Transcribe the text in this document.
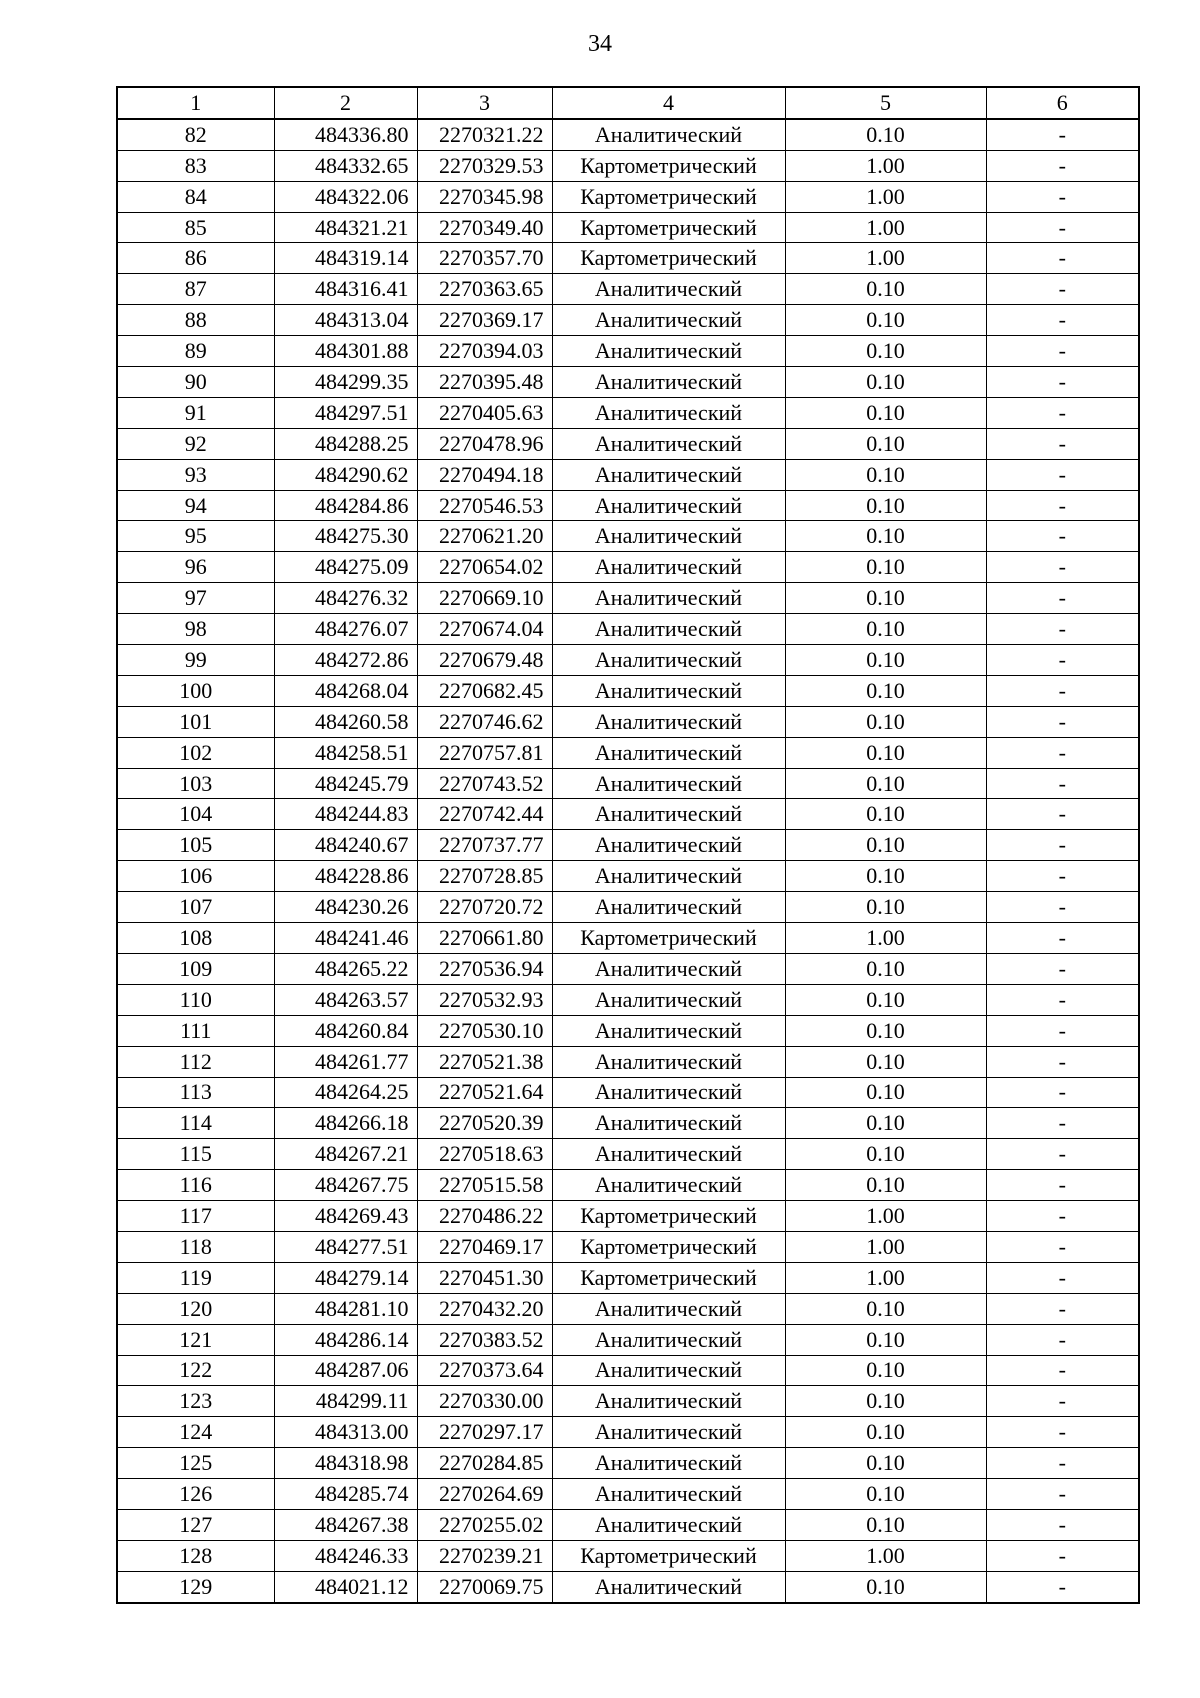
34
1	2	3	4	5	6
82	484336.80	2270321.22	Аналитический	0.10	-
83	484332.65	2270329.53	Картометрический	1.00	-
84	484322.06	2270345.98	Картометрический	1.00	-
85	484321.21	2270349.40	Картометрический	1.00	-
86	484319.14	2270357.70	Картометрический	1.00	-
87	484316.41	2270363.65	Аналитический	0.10	-
88	484313.04	2270369.17	Аналитический	0.10	-
89	484301.88	2270394.03	Аналитический	0.10	-
90	484299.35	2270395.48	Аналитический	0.10	-
91	484297.51	2270405.63	Аналитический	0.10	-
92	484288.25	2270478.96	Аналитический	0.10	-
93	484290.62	2270494.18	Аналитический	0.10	-
94	484284.86	2270546.53	Аналитический	0.10	-
95	484275.30	2270621.20	Аналитический	0.10	-
96	484275.09	2270654.02	Аналитический	0.10	-
97	484276.32	2270669.10	Аналитический	0.10	-
98	484276.07	2270674.04	Аналитический	0.10	-
99	484272.86	2270679.48	Аналитический	0.10	-
100	484268.04	2270682.45	Аналитический	0.10	-
101	484260.58	2270746.62	Аналитический	0.10	-
102	484258.51	2270757.81	Аналитический	0.10	-
103	484245.79	2270743.52	Аналитический	0.10	-
104	484244.83	2270742.44	Аналитический	0.10	-
105	484240.67	2270737.77	Аналитический	0.10	-
106	484228.86	2270728.85	Аналитический	0.10	-
107	484230.26	2270720.72	Аналитический	0.10	-
108	484241.46	2270661.80	Картометрический	1.00	-
109	484265.22	2270536.94	Аналитический	0.10	-
110	484263.57	2270532.93	Аналитический	0.10	-
111	484260.84	2270530.10	Аналитический	0.10	-
112	484261.77	2270521.38	Аналитический	0.10	-
113	484264.25	2270521.64	Аналитический	0.10	-
114	484266.18	2270520.39	Аналитический	0.10	-
115	484267.21	2270518.63	Аналитический	0.10	-
116	484267.75	2270515.58	Аналитический	0.10	-
117	484269.43	2270486.22	Картометрический	1.00	-
118	484277.51	2270469.17	Картометрический	1.00	-
119	484279.14	2270451.30	Картометрический	1.00	-
120	484281.10	2270432.20	Аналитический	0.10	-
121	484286.14	2270383.52	Аналитический	0.10	-
122	484287.06	2270373.64	Аналитический	0.10	-
123	484299.11	2270330.00	Аналитический	0.10	-
124	484313.00	2270297.17	Аналитический	0.10	-
125	484318.98	2270284.85	Аналитический	0.10	-
126	484285.74	2270264.69	Аналитический	0.10	-
127	484267.38	2270255.02	Аналитический	0.10	-
128	484246.33	2270239.21	Картометрический	1.00	-
129	484021.12	2270069.75	Аналитический	0.10	-
